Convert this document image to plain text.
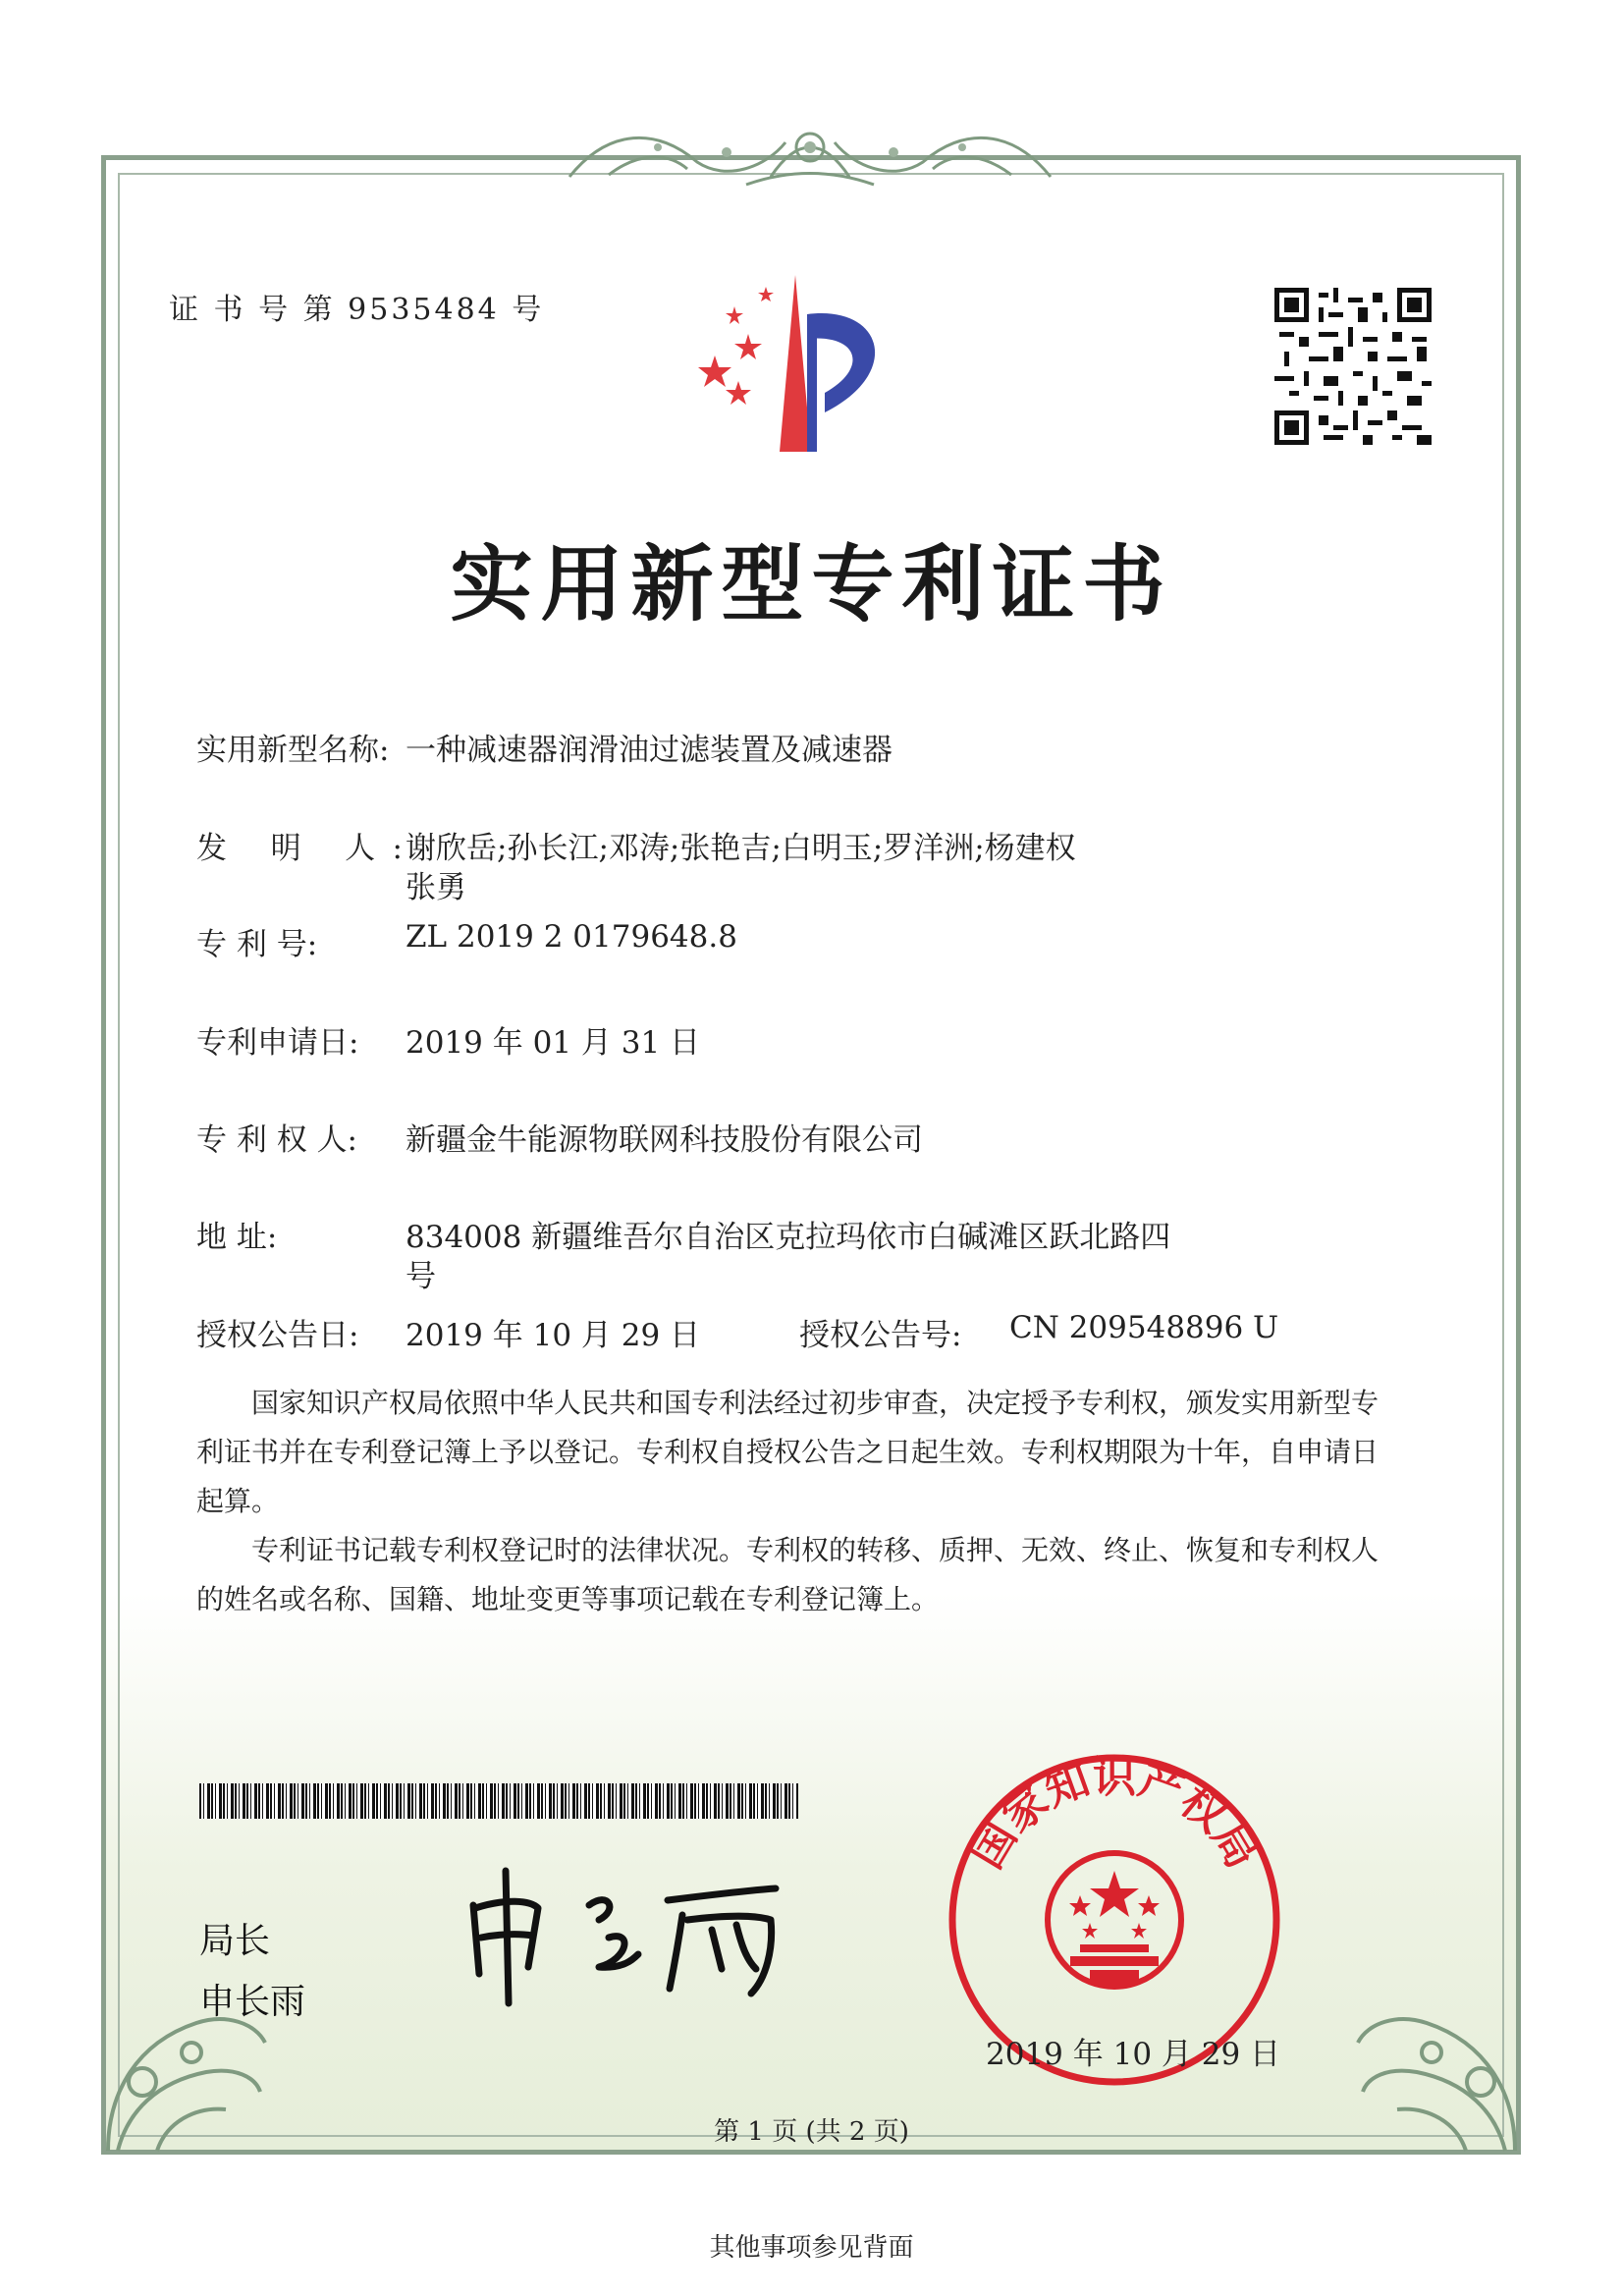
证 书 号 第 9535484 号
实用新型专利证书
实用新型名称: 一种减速器润滑油过滤装置及减速器
发 明 人: 谢欣岳;孙长江;邓涛;张艳吉;白明玉;罗洋洲;杨建权
张勇
专 利 号:	ZL 2019 2 0179648.8
专利申请日: 2019 年 01 月 31 日
专 利 权 人: 新疆金牛能源物联网科技股份有限公司
地 址:	834008 新疆维吾尔自治区克拉玛依市白碱滩区跃北路四
号
授权公告日: 2019 年 10 月 29 日	授权公告号: CN 209548896 U
国家知识产权局依照中华人民共和国专利法经过初步审查，决定授予专利权，颁发实用新型专利证书并在专利登记簿上予以登记。专利权自授权公告之日起生效。专利权期限为十年，自申请日起算。
专利证书记载专利权登记时的法律状况。专利权的转移、质押、无效、终止、恢复和专利权人的姓名或名称、国籍、地址变更等事项记载在专利登记簿上。
局长
申长雨
国家知识产权局
2019 年 10 月 29 日
第 1 页 (共 2 页)
其他事项参见背面
